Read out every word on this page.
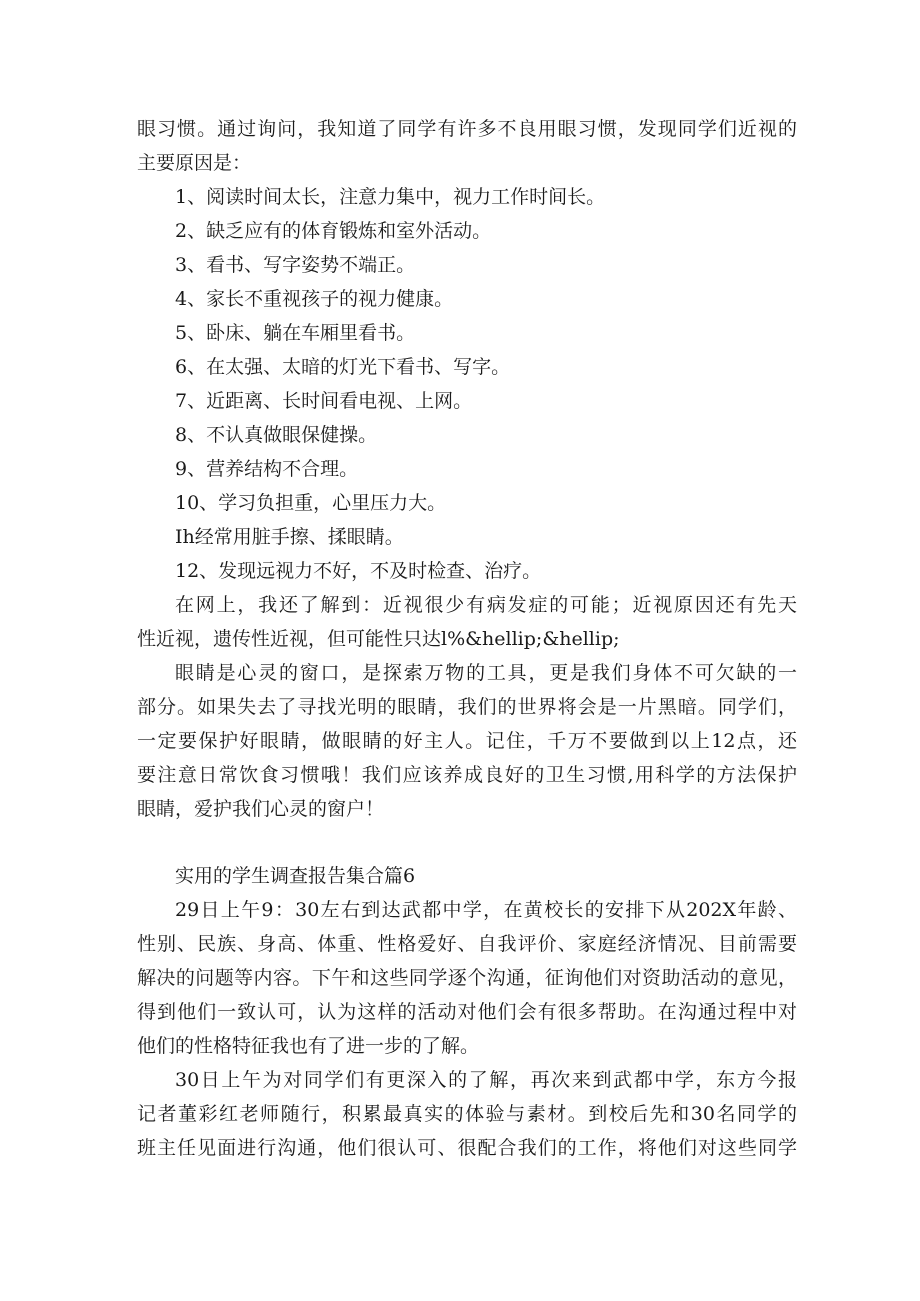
眼习惯。通过询问，我知道了同学有许多不良用眼习惯，发现同学们近视的
主要原因是：
1、阅读时间太长，注意力集中，视力工作时间长。
2、缺乏应有的体育锻炼和室外活动。
3、看书、写字姿势不端正。
4、家长不重视孩子的视力健康。
5、卧床、躺在车厢里看书。
6、在太强、太暗的灯光下看书、写字。
7、近距离、长时间看电视、上网。
8、不认真做眼保健操。
9、营养结构不合理。
10、学习负担重，心里压力大。
Ih经常用脏手擦、揉眼睛。
12、发现远视力不好，不及时检查、治疗。
在网上，我还了解到：近视很少有病发症的可能；近视原因还有先天
性近视，遗传性近视，但可能性只达l%&hellip;&hellip;
眼睛是心灵的窗口，是探索万物的工具，更是我们身体不可欠缺的一
部分。如果失去了寻找光明的眼睛，我们的世界将会是一片黑暗。同学们，
一定要保护好眼睛，做眼睛的好主人。记住，千万不要做到以上12点，还
要注意日常饮食习惯哦！我们应该养成良好的卫生习惯,用科学的方法保护
眼睛，爱护我们心灵的窗户！
实用的学生调查报告集合篇6
29日上午9：30左右到达武都中学，在黄校长的安排下从202X年龄、
性别、民族、身高、体重、性格爱好、自我评价、家庭经济情况、目前需要
解决的问题等内容。下午和这些同学逐个沟通，征询他们对资助活动的意见，
得到他们一致认可，认为这样的活动对他们会有很多帮助。在沟通过程中对
他们的性格特征我也有了进一步的了解。
30日上午为对同学们有更深入的了解，再次来到武都中学，东方今报
记者董彩红老师随行，积累最真实的体验与素材。到校后先和30名同学的
班主任见面进行沟通，他们很认可、很配合我们的工作，将他们对这些同学
